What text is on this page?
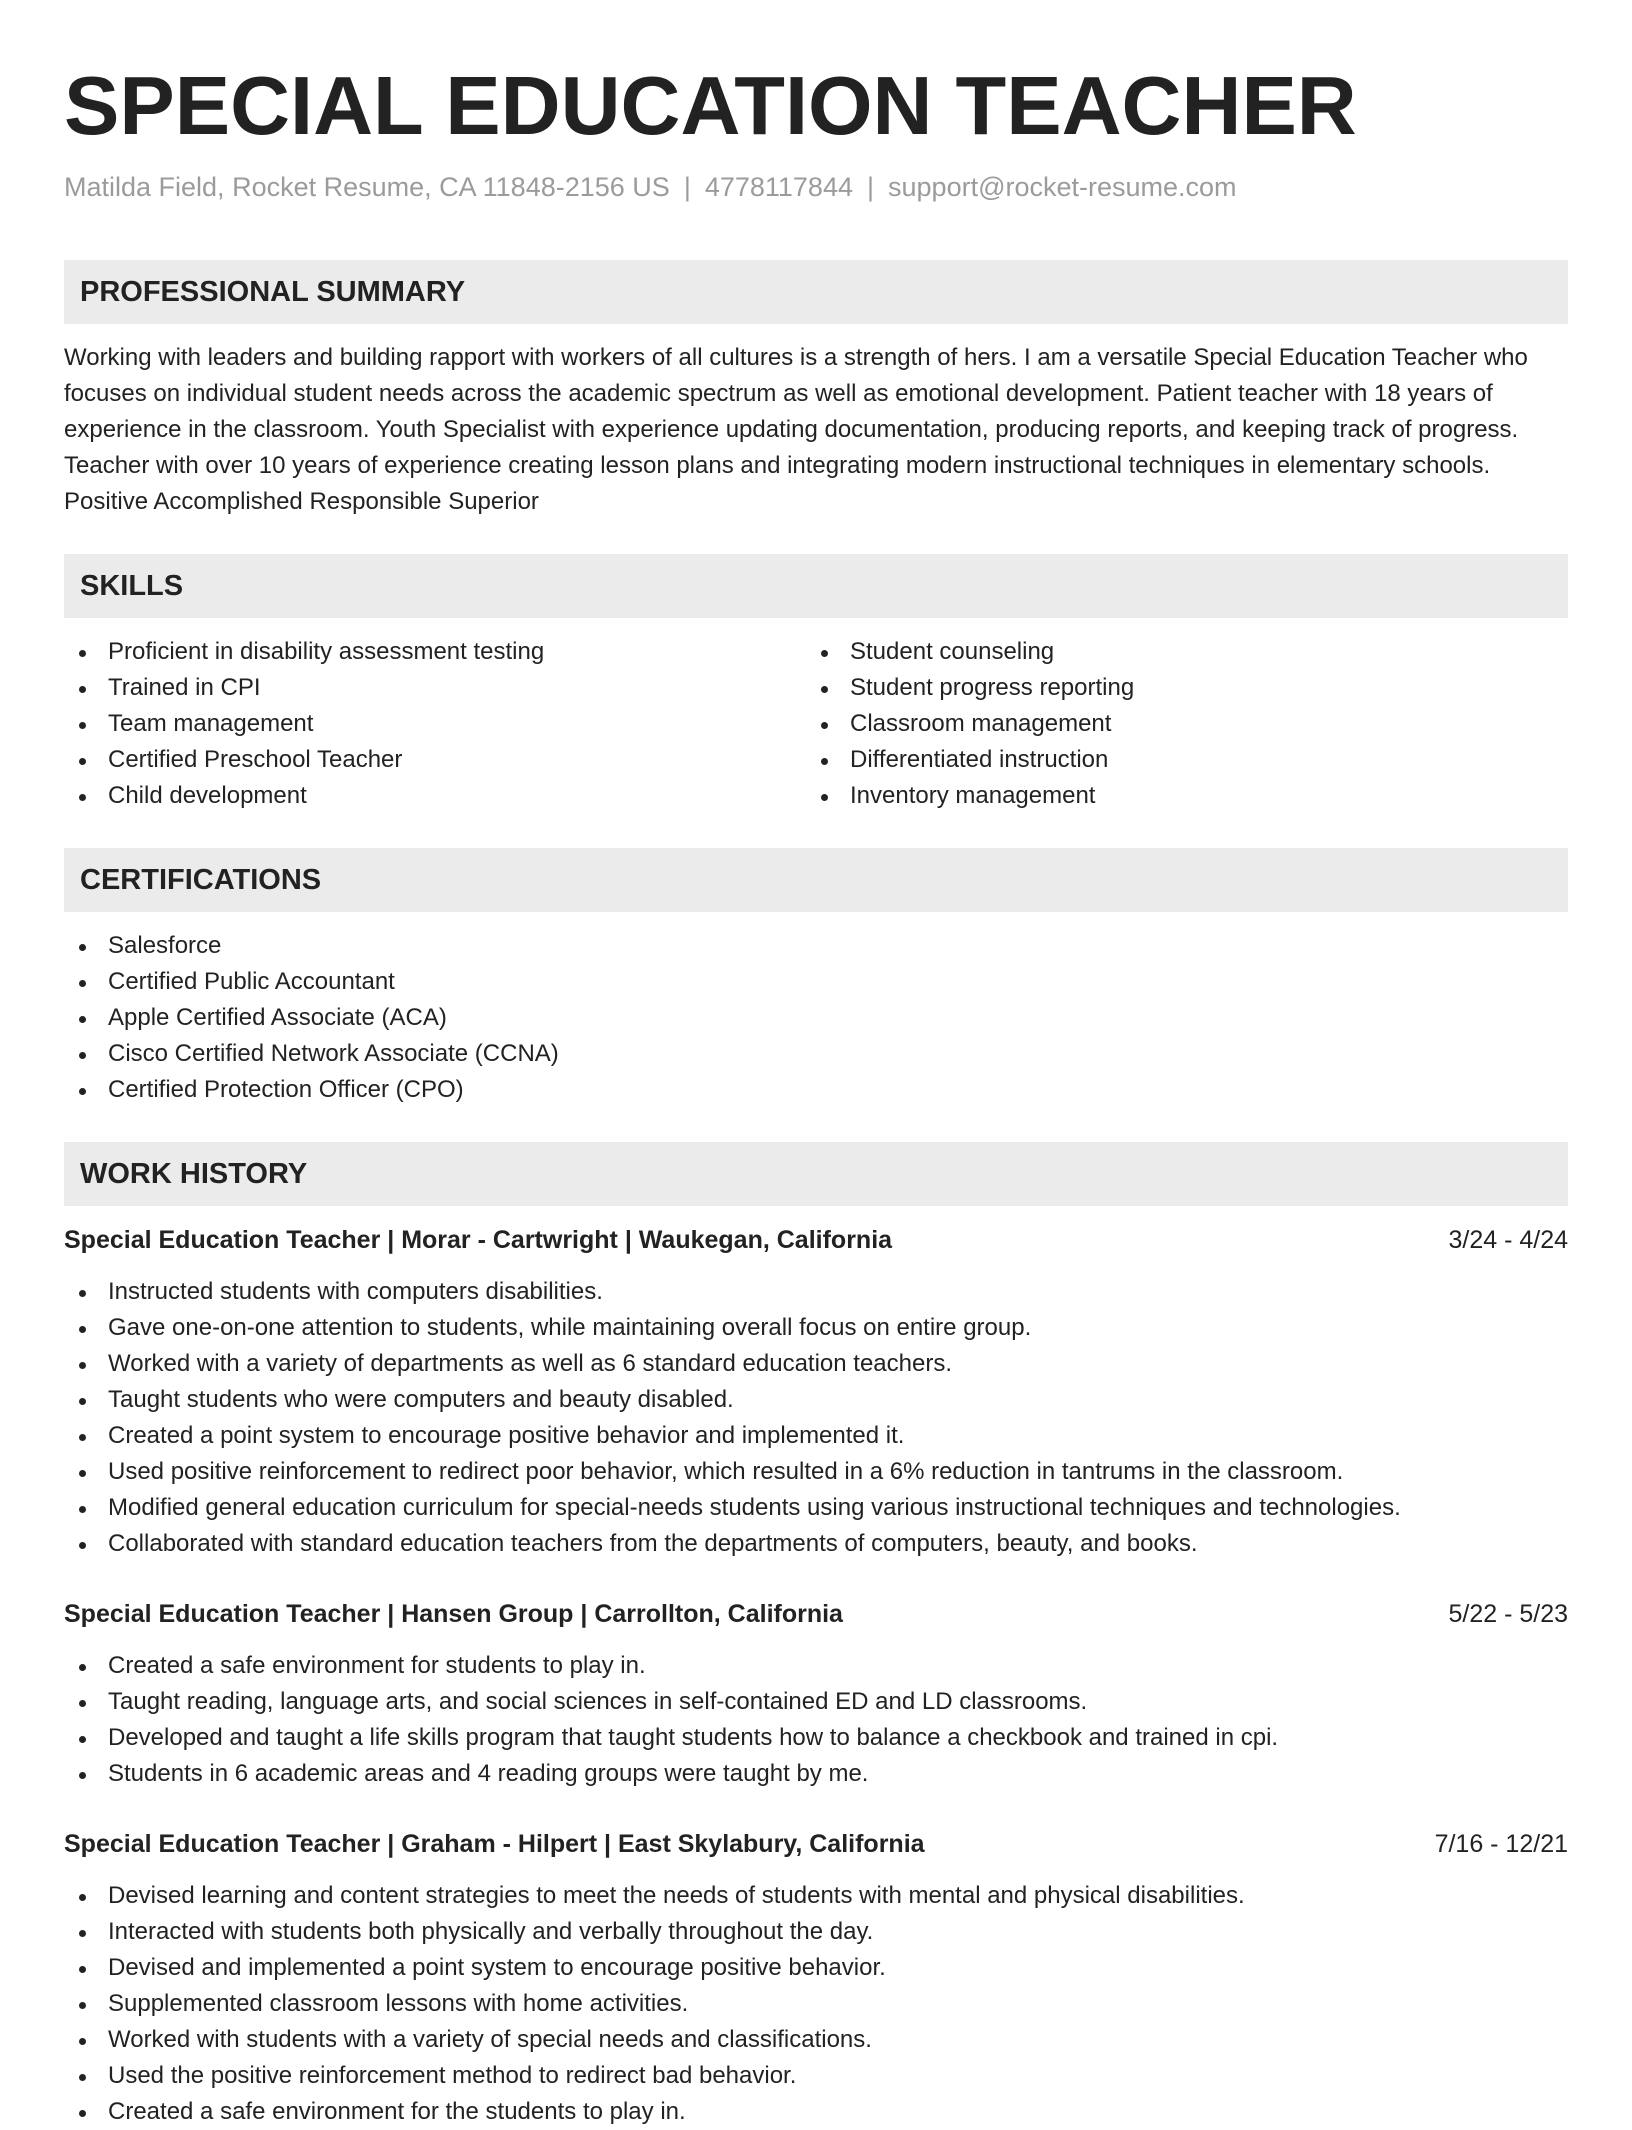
SPECIAL EDUCATION TEACHER
Matilda Field, Rocket Resume, CA 11848-2156 US | 4778117844 | support@rocket-resume.com
PROFESSIONAL SUMMARY

Working with leaders and building rapport with workers of all cultures is a strength of hers. I am a versatile Special Education Teacher who focuses on individual student needs across the academic spectrum as well as emotional development. Patient teacher with 18 years of experience in the classroom. Youth Specialist with experience updating documentation, producing reports, and keeping track of progress. Teacher with over 10 years of experience creating lesson plans and integrating modern instructional techniques in elementary schools. Positive Accomplished Responsible Superior

SKILLS
Proficient in disability assessment testing
Trained in CPI
Team management
Certified Preschool Teacher
Child development
Student counseling
Student progress reporting
Classroom management
Differentiated instruction
Inventory management
CERTIFICATIONS
Salesforce
Certified Public Accountant
Apple Certified Associate (ACA)
Cisco Certified Network Associate (CCNA)
Certified Protection Officer (CPO)
WORK HISTORY
Special Education Teacher | Morar - Cartwright | Waukegan, California	3/24 - 4/24
Instructed students with computers disabilities.
Gave one-on-one attention to students, while maintaining overall focus on entire group.
Worked with a variety of departments as well as 6 standard education teachers.
Taught students who were computers and beauty disabled.
Created a point system to encourage positive behavior and implemented it.
Used positive reinforcement to redirect poor behavior, which resulted in a 6% reduction in tantrums in the classroom.
Modified general education curriculum for special-needs students using various instructional techniques and technologies.
Collaborated with standard education teachers from the departments of computers, beauty, and books.
Special Education Teacher | Hansen Group | Carrollton, California	5/22 - 5/23
Created a safe environment for students to play in.
Taught reading, language arts, and social sciences in self-contained ED and LD classrooms.
Developed and taught a life skills program that taught students how to balance a checkbook and trained in cpi.
Students in 6 academic areas and 4 reading groups were taught by me.
Special Education Teacher | Graham - Hilpert | East Skylabury, California	7/16 - 12/21
Devised learning and content strategies to meet the needs of students with mental and physical disabilities.
Interacted with students both physically and verbally throughout the day.
Devised and implemented a point system to encourage positive behavior.
Supplemented classroom lessons with home activities.
Worked with students with a variety of special needs and classifications.
Used the positive reinforcement method to redirect bad behavior.
Created a safe environment for the students to play in.
